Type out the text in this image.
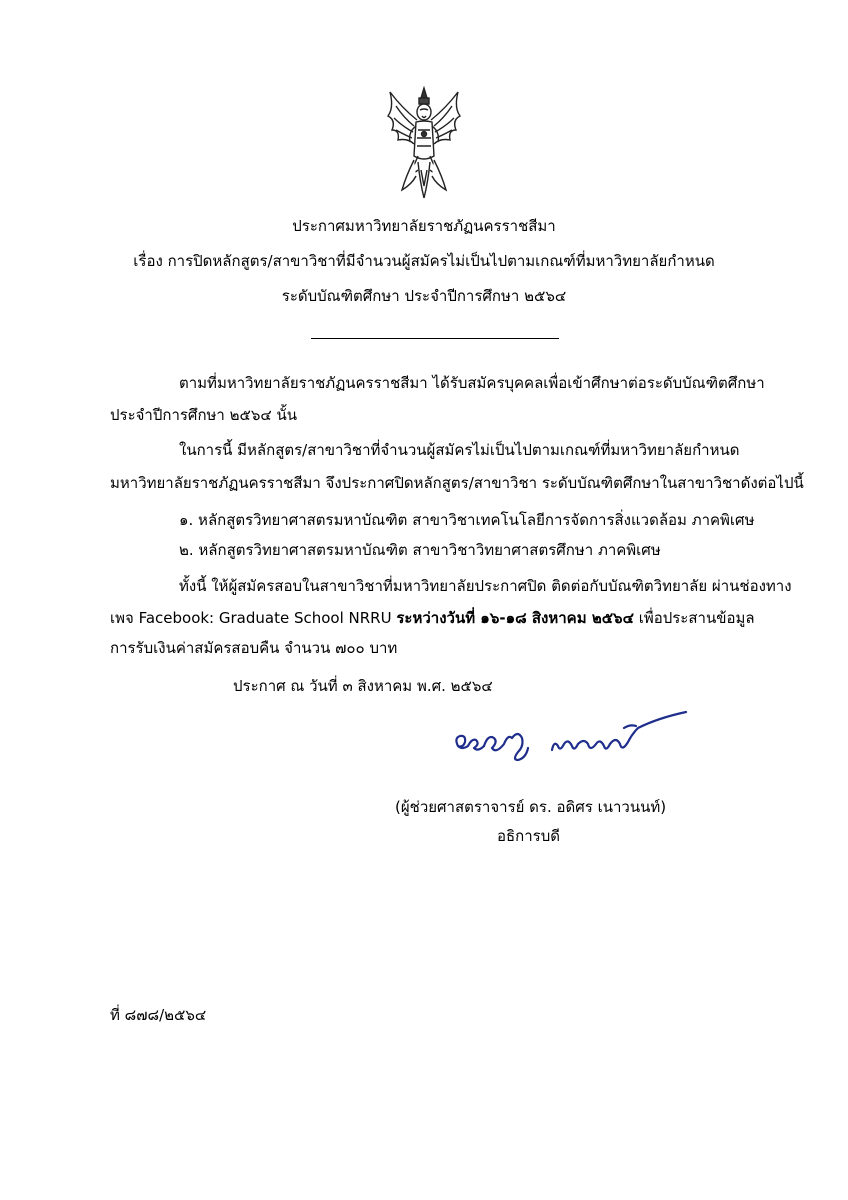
ประกาศมหาวิทยาลัยราชภัฏนครราชสีมา
เรื่อง การปิดหลักสูตร/สาขาวิชาที่มีจำนวนผู้สมัครไม่เป็นไปตามเกณฑ์ที่มหาวิทยาลัยกำหนด
ระดับบัณฑิตศึกษา ประจำปีการศึกษา ๒๕๖๔
ตามที่มหาวิทยาลัยราชภัฏนครราชสีมา ได้รับสมัครบุคคลเพื่อเข้าศึกษาต่อระดับบัณฑิตศึกษา
ประจำปีการศึกษา ๒๕๖๔ นั้น
ในการนี้ มีหลักสูตร/สาขาวิชาที่จำนวนผู้สมัครไม่เป็นไปตามเกณฑ์ที่มหาวิทยาลัยกำหนด
มหาวิทยาลัยราชภัฏนครราชสีมา จึงประกาศปิดหลักสูตร/สาขาวิชา ระดับบัณฑิตศึกษาในสาขาวิชาดังต่อไปนี้
๑. หลักสูตรวิทยาศาสตรมหาบัณฑิต สาขาวิชาเทคโนโลยีการจัดการสิ่งแวดล้อม ภาคพิเศษ
๒. หลักสูตรวิทยาศาสตรมหาบัณฑิต สาขาวิชาวิทยาศาสตรศึกษา ภาคพิเศษ
ทั้งนี้ ให้ผู้สมัครสอบในสาขาวิชาที่มหาวิทยาลัยประกาศปิด ติดต่อกับบัณฑิตวิทยาลัย ผ่านช่องทาง
เพจ Facebook: Graduate School NRRU ระหว่างวันที่ ๑๖-๑๘ สิงหาคม ๒๕๖๔ เพื่อประสานข้อมูล
การรับเงินค่าสมัครสอบคืน จำนวน ๗๐๐ บาท
ประกาศ ณ วันที่ ๓ สิงหาคม พ.ศ. ๒๕๖๔
(ผู้ช่วยศาสตราจารย์ ดร. อดิศร เนาวนนท์)
อธิการบดี
ที่ ๘๗๘/๒๕๖๔
